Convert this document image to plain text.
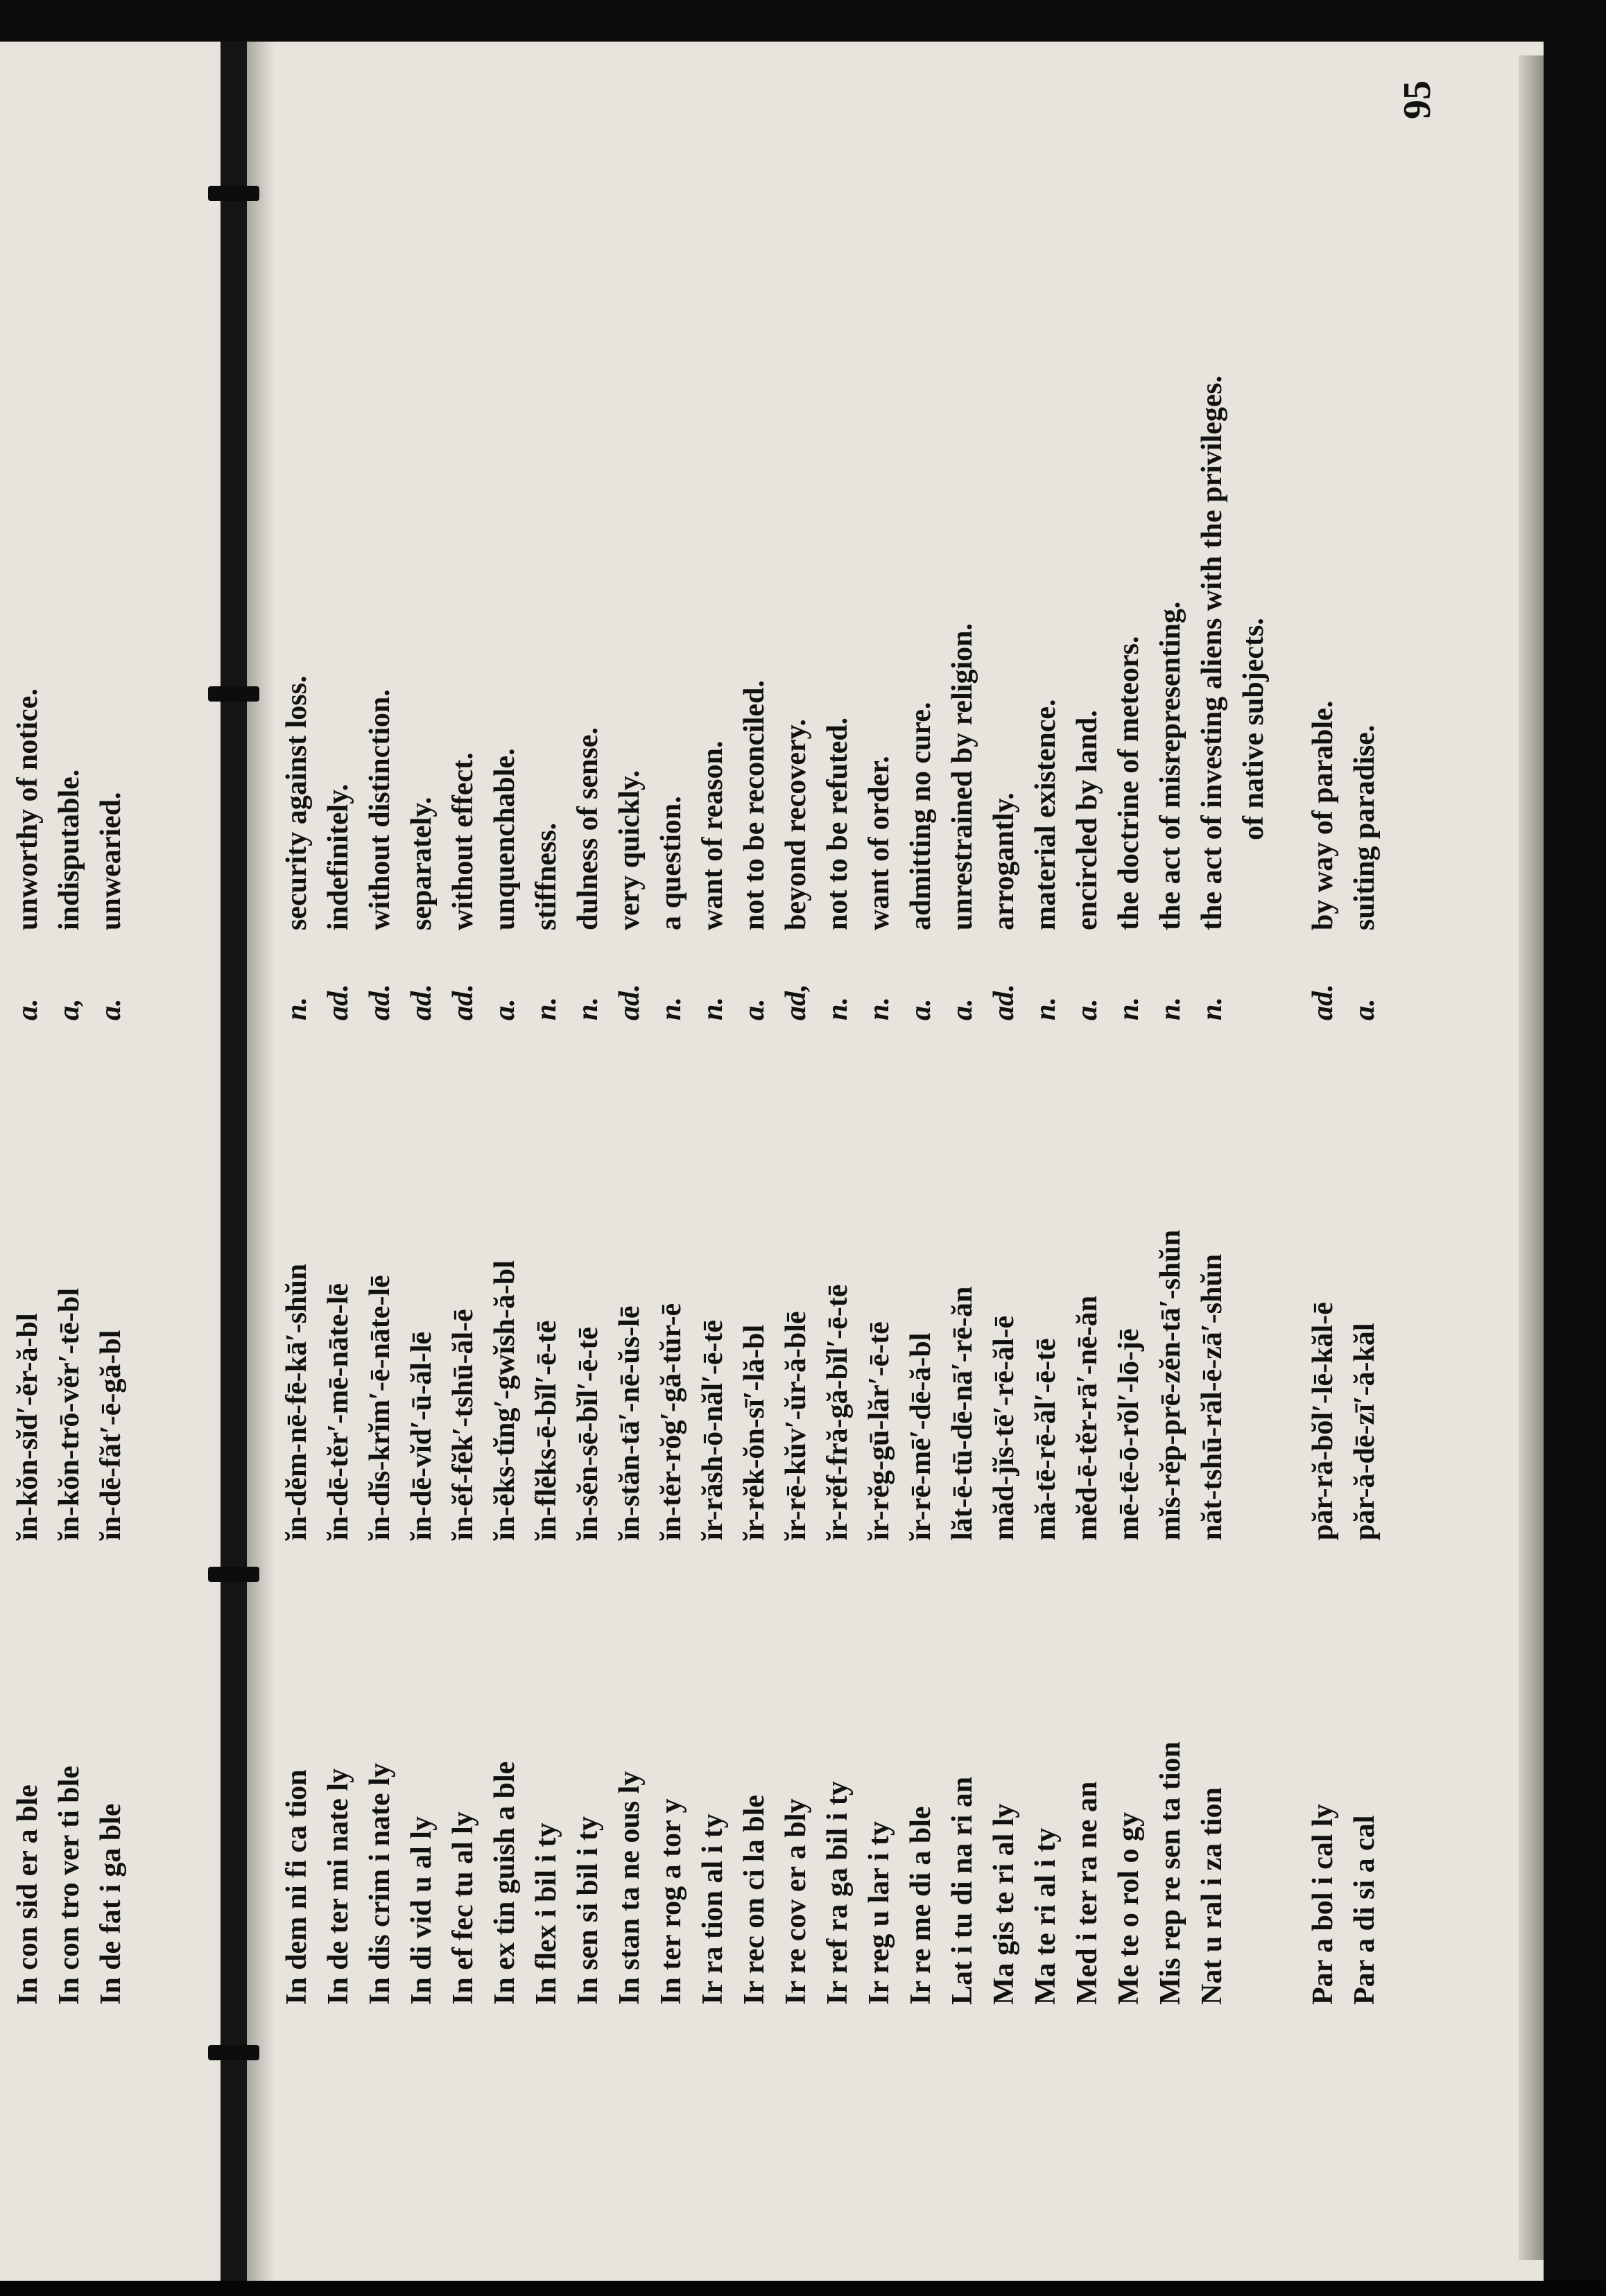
95
In con sid er a ble
ĭn-kŏn-sĭd′-ĕr-ă-bl
a.
unworthy of notice.
In con tro ver ti ble
ĭn-kŏn-trō-vĕr′-tē-bl
a,
indisputable.
In de fat i ga ble
ĭn-dē-făt′-ē-gă-bl
a.
unwearied.
In dem ni fi ca tion
ĭn-dĕm-nē-fē-kā′-shŭn
n.
security against loss.
In de ter mi nate ly
ĭn-dē-tĕr′-mē-nāte-lē
ad.
indefinitely.
In dis crim i nate ly
ĭn-dĭs-krĭm′-ē-nāte-lē
ad.
without distinction.
In di vid u al ly
ĭn-dē-vĭd′-ū-ăl-lē
ad.
separately.
In ef fec tu al ly
ĭn-ĕf-fĕk′-tshū-ăl-ē
ad.
without effect.
In ex tin guish a ble
ĭn-ĕks-tĭng′-gwĭsh-ă-bl
a.
unquenchable.
In flex i bil i ty
ĭn-flĕks-ē-bĭl′-ē-tē
n.
stiffness.
In sen si bil i ty
ĭn-sĕn-sē-bĭl′-ē-tē
n.
dulness of sense.
In stan ta ne ous ly
ĭn-stăn-tā′-nē-ŭs-lē
ad.
very quickly.
In ter rog a tor y
ĭn-tĕr-rŏg′-gă-tŭr-ē
n.
a question.
Ir ra tion al i ty
ĭr-răsh-ō-năl′-ē-tē
n.
want of reason.
Ir rec on ci la ble
ĭr-rĕk-ŏn-sī′-lă-bl
a.
not to be reconciled.
Ir re cov er a bly
ĭr-rē-kŭv′-ŭr-ă-blē
ad,
beyond recovery.
Ir ref ra ga bil i ty
ĭr-rĕf-fră-gă-bĭl′-ē-tē
n.
not to be refuted.
Ir reg u lar i ty
ĭr-rĕg-gū-lăr′-ē-tē
n.
want of order.
Ir re me di a ble
ĭr-rē-mē′-dē-ă-bl
a.
admitting no cure.
Lat i tu di na ri an
lăt-ē-tū-dē-nā′-rē-ăn
a.
unrestrained by religion.
Ma gis te ri al ly
măd-jĭs-tē′-rē-ăl-ē
ad.
arrogantly.
Ma te ri al i ty
mă-tē-rē-ăl′-ē-tē
n.
material existence.
Med i ter ra ne an
mĕd-ē-tĕr-rā′-nē-ăn
a.
encircled by land.
Me te o rol o gy
mē-tē-ō-rŏl′-lō-jē
n.
the doctrine of meteors.
Mis rep re sen ta tion
mĭs-rĕp-prē-zĕn-tā′-shŭn
n.
the act of misrepresenting.
Nat u ral i za tion
năt-tshū-răl-ē-zā′-shŭn
n.
the act of investing aliens with the privileges. of native subjects.
Par a bol i cal ly
păr-ră-bŏl′-lē-kăl-ē
ad.
by way of parable.
Par a di si a cal
păr-ă-dē-zī′-ă-kăl
a.
suiting paradise.
